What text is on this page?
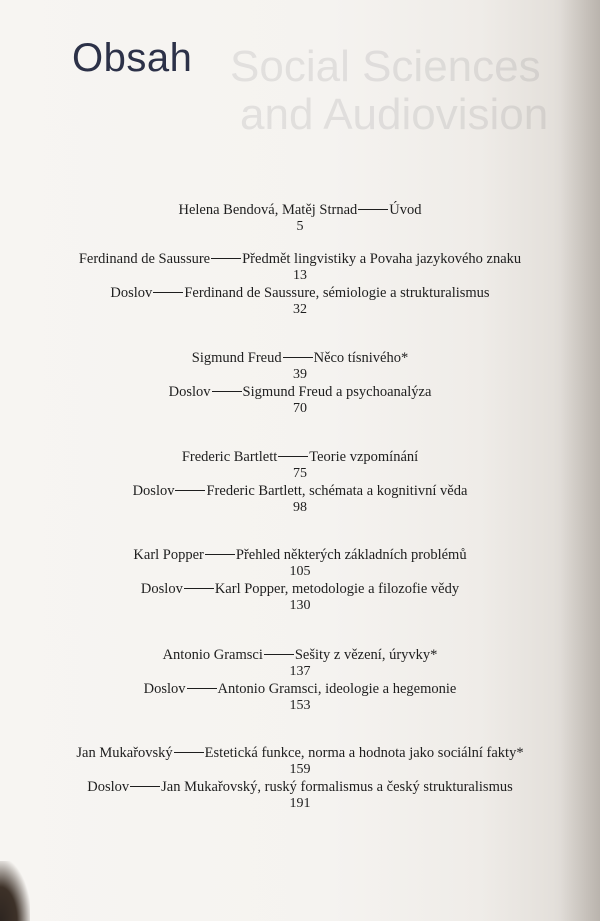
Social Sciences
and Audiovision
Obsah
Helena Bendová, Matěj Strnad Úvod
5
Ferdinand de Saussure Předmět lingvistiky a Povaha jazykového znaku
13
Doslov Ferdinand de Saussure, sémiologie a strukturalismus
32
Sigmund Freud Něco tísnivého*
39
Doslov Sigmund Freud a psychoanalýza
70
Frederic Bartlett Teorie vzpomínání
75
Doslov Frederic Bartlett, schémata a kognitivní věda
98
Karl Popper Přehled některých základních problémů
105
Doslov Karl Popper, metodologie a filozofie vědy
130
Antonio Gramsci Sešity z vězení, úryvky*
137
Doslov Antonio Gramsci, ideologie a hegemonie
153
Jan Mukařovský Estetická funkce, norma a hodnota jako sociální fakty*
159
Doslov Jan Mukařovský, ruský formalismus a český strukturalismus
191
